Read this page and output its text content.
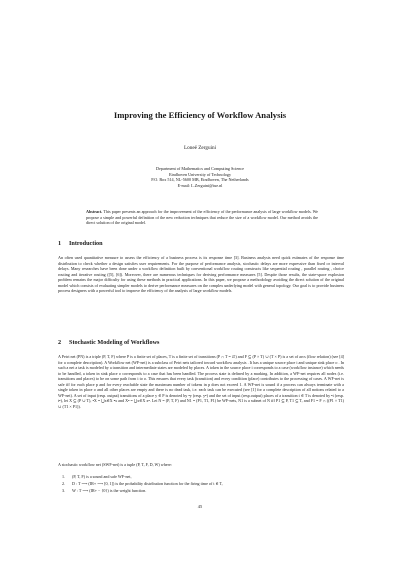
Improving the Efficiency of Workflow Analysis
Loneë Zerguini
Department of Mathematics and Computing Science
Eindhoven University of Technology
P.O. Box 514, NL-5600 MB, Eindhoven, The Netherlands
E-mail: L.Zerguini@tue.nl
Abstract. This paper presents an approach for the improvement of the efficiency of the performance analysis of large workflow models. We propose a simple and powerful definition of the new reduction techniques that reduce the size of a workflow model. Our method avoids the direct solution of the original model.
1 Introduction
An often used quantitative measure to assess the efficiency of a business process is its response time [3]. Business analysts need quick estimates of the response time distribution to check whether a design satisfies user requirements. For the purpose of performance analysis, stochastic delays are more expressive than fixed or interval delays. Many researches have been done under a workflow definition built by conventional workflow routing constructs like sequential routing , parallel routing , choice routing and iterative routing ([5], [6]). Moreover, there are numerous techniques for deriving performance measures [5]. Despite those results, the state-space explosion problem remains the major difficulty for using these methods in practical applications. In this paper, we propose a methodology avoiding the direct solution of the original model which consists of evaluating simpler models to derive performance measures on the complex underlying model with general topology. Our goal is to provide business process designers with a powerful tool to improve the efficiency of the analysis of large workflow models.
2 Stochastic Modeling of Workflows
A Petri net (PN) is a triple (P, T, F) where P is a finite set of places, T is a finite set of transitions (P ∩ T = ∅) and F ⊆ (P × T) ∪ (T × P) is a set of arcs (flow relation) (see [4] for a complete description). A Workflow net (WF-net) is a subclass of Petri nets tailored toward workflow analysis . It has a unique source place i and unique sink place o . In such a net a task is modeled by a transition and intermediate states are modeled by places. A token in the source place i corresponds to a case (workflow instance) which needs to be handled, a token in sink place o corresponds to a case that has been handled. The process state is defined by a marking. In addition, a WF-net requires all nodes (i.e. transitions and places) to be on some path from i to o. This ensures that every task (transition) and every condition (place) contributes to the processing of cases. A WF-net is safe iff for each place p and for every reachable state the maximum number of tokens in p does not exceed 1. A WF-net is sound if a process can always terminate with a single token in place o and all other places are empty and there is no dead task, i.e. each task can be executed (see [1] for a complete description of all notions related to a WF-net). A set of input (resp. output) transitions of a place y ∈ P is denoted by •y (resp. y•) and the set of input (resp.output) places of a transition t ∈ T is denoted by •t (resp. t•), let X ⊆ (P ∪ T), •X = ⋃x∈X •x and X• = ⋃x∈X x•. Let N = (P, T, F) and N1 = (P1, T1, F1) be WF-nets, N1 is a subnet of N iff P1 ⊆ P, T1 ⊆ T, and F1 = F ∩ ((P1 × T1) ∪ (T1 × P1)).
A stochastic workflow net (SWF-net) is a tuple (P, T, F, D, W) where:
1. (P, T, F) is a sound and safe WF-net,
2. D : T ⟶ (IR+ ⟶ [0, 1]) is the probability distribution function for the firing time of t ∈ T,
3. W : T ⟶ (IR+ − {0}) is the weight function.
45
